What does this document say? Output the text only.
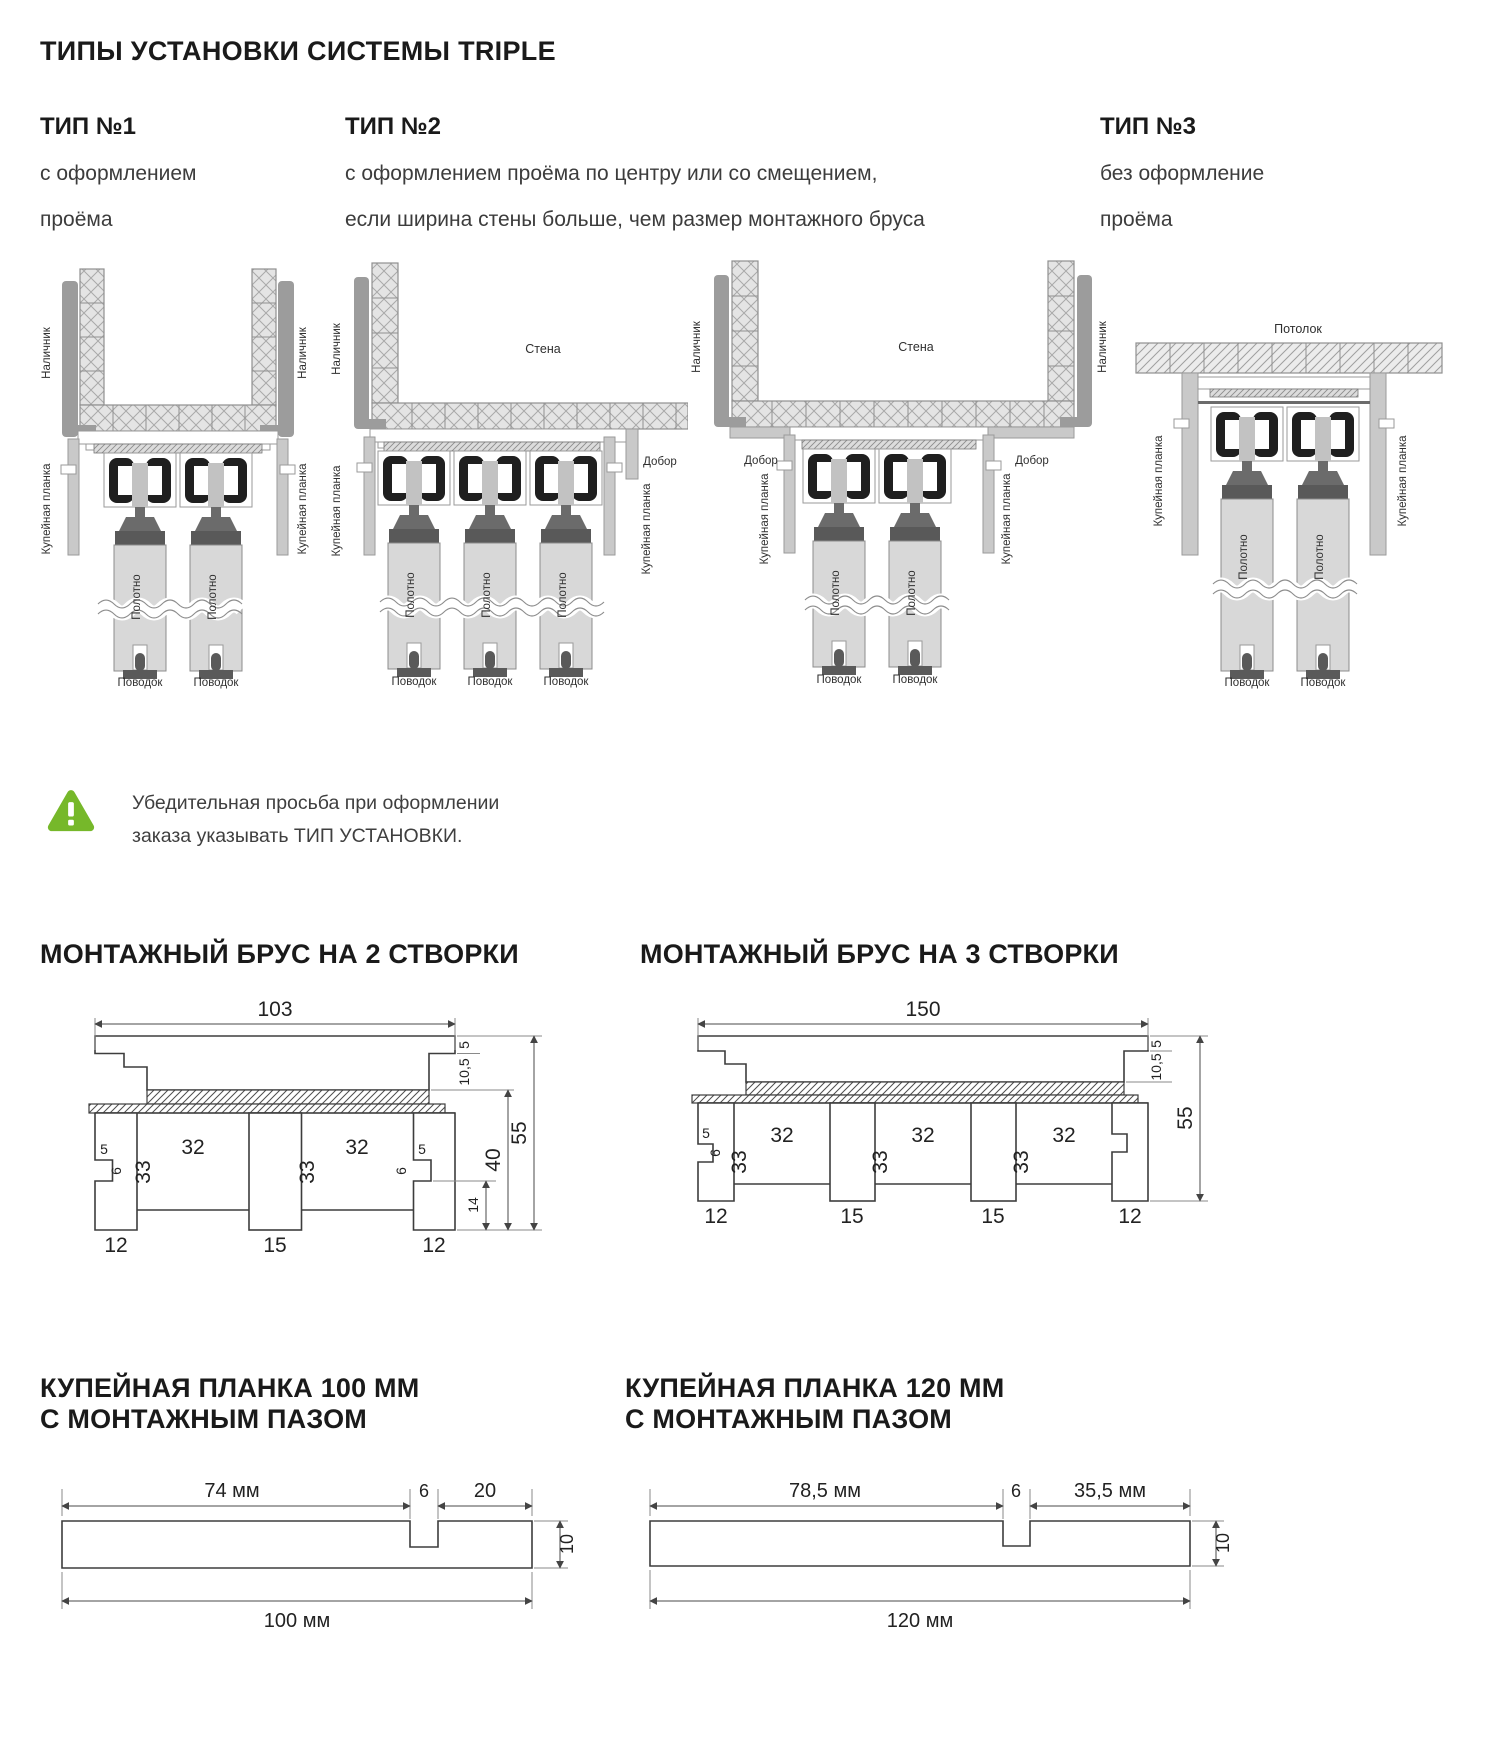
ТИПЫ УСТАНОВКИ СИСТЕМЫ TRIPLE
ТИП №1
с оформлением
проёма
ТИП №2
с оформлением проёма по центру или со смещением,
если ширина стены больше, чем размер монтажного бруса
ТИП №3
без оформление
проёма
Наличник	Наличник
Купейная планка	Купейная планка
Полотно	Полотно
Поводок	Поводок
Стена
Наличник
Добор
Купейная планка	Купейная планка
Полотно	Полотно	Полотно
Поводок	Поводок	Поводок
Стена
Наличник	Наличник
Добор	Добор
Купейная планка	Купейная планка
Полотно	Полотно
Поводок	Поводок
Потолок
Купейная планка	Купейная планка
Полотно	Полотно
Поводок	Поводок
Убедительная просьба при оформлении
заказа указывать ТИП УСТАНОВКИ.
МОНТАЖНЫЙ БРУС НА 2 СТВОРКИ
103
5
10,5
32	32
33	33
5
6
5
6
12	15	12
14
40
55
МОНТАЖНЫЙ БРУС НА 3 СТВОРКИ
150
5
10,5
32	32	32
33	33	33
5
6
12	15	15	12
55
КУПЕЙНАЯ ПЛАНКА 100 ММ
С МОНТАЖНЫМ ПАЗОМ
74 мм	6 20
10
100 мм
КУПЕЙНАЯ ПЛАНКА 120 ММ
С МОНТАЖНЫМ ПАЗОМ
78,5 мм	6	35,5 мм
10
120 мм
